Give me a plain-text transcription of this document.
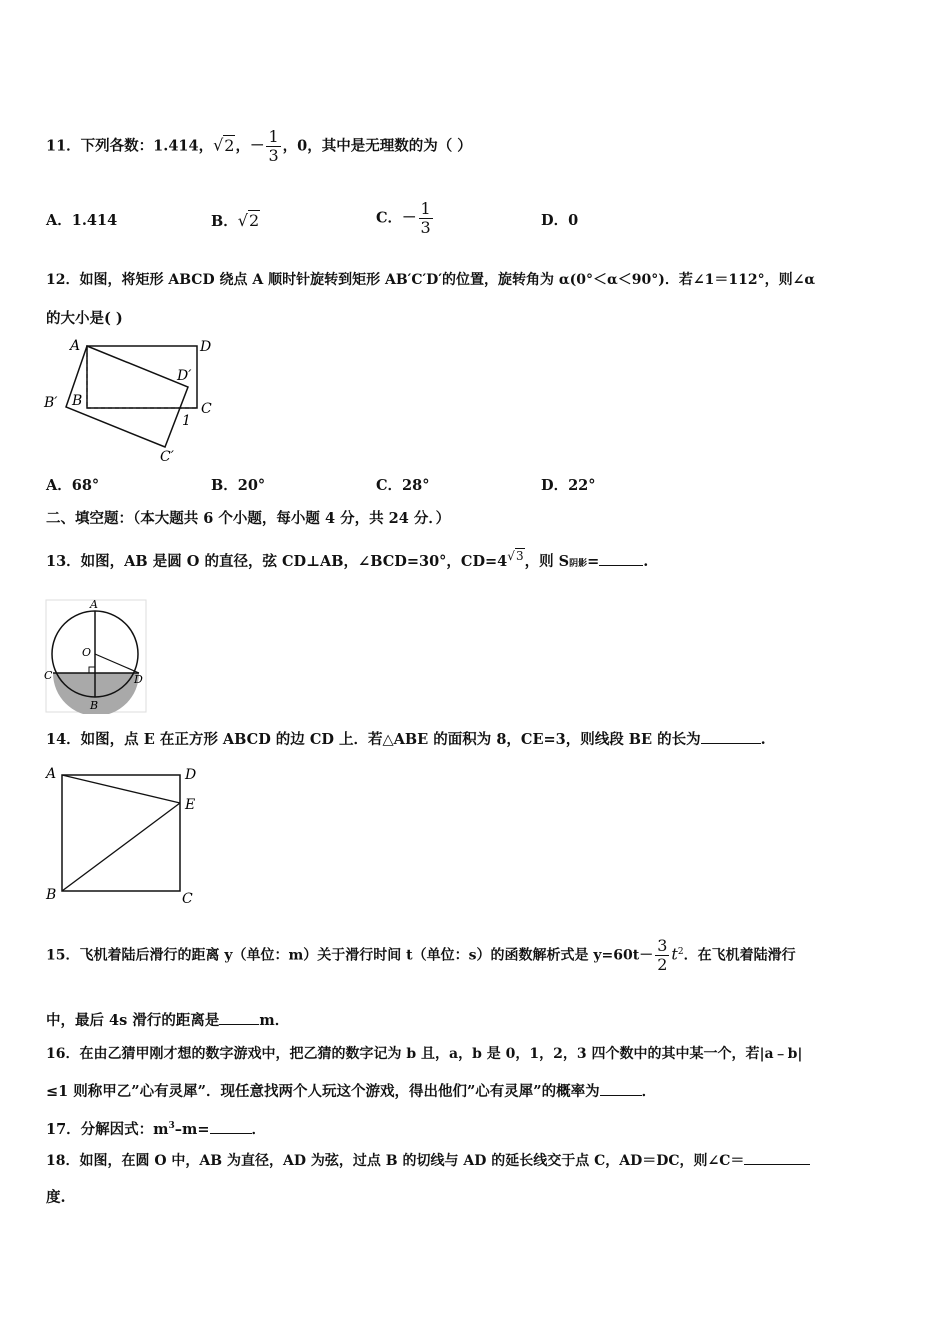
11．下列各数：1.414，√2，－ $\frac{1}{3}$ ，0，其中是无理数的为（ ）
A．1.414	B．√2	C．－ $\frac{1}{3}$	D．0
12．如图，将矩形 ABCD 绕点 A 顺时针旋转到矩形 AB′C′D′的位置，旋转角为 α(0°＜α＜90°)．若∠1＝112°，则∠α
的大小是( )
A	D
D′
B′ B	C
1
C′
A．68°	B．20°	C．28°	D．22°
二、填空题：（本大题共 6 个小题，每小题 4 分，共 24 分．）
13．如图，AB 是圆 O 的直径，弦 CD⊥AB，∠BCD=30°，$CD=4^{√3}$，则 S阴影=	.
A
O
C	D
B
14．如图，点 E 在正方形 ABCD 的边 CD 上．若△ABE 的面积为 8，CE=3，则线段 BE 的长为	.
A	D
E
B	C
15．飞机着陆后滑行的距离 y（单位：m）关于滑行时间 t（单位：s）的函数解析式是 $y=60t- \frac{3}{2} t^2$．在飞机着陆滑行
中，最后 4s 滑行的距离是	m．
16．在由乙猜甲刚才想的数字游戏中，把乙猜的数字记为 b 且，a，b 是 0，1，2，3 四个数中的其中某一个，若|a﹣b|
≤1 则称甲乙”心有灵犀”．现任意找两个人玩这个游戏，得出他们”心有灵犀”的概率为	．
17．分解因式：$m^3-m=$	．
18．如图，在圆 O 中，AB 为直径，AD 为弦，过点 B 的切线与 AD 的延长线交于点 C，AD＝DC，则∠C＝
度.
